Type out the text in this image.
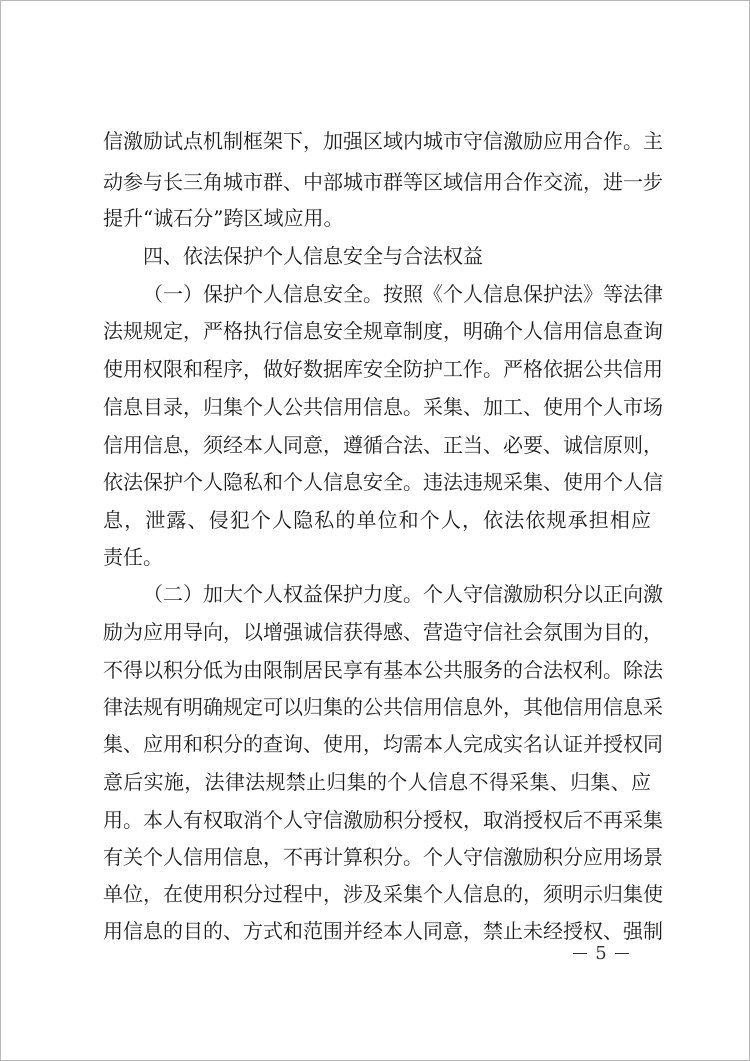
信激励试点机制框架下，加强区域内城市守信激励应用合作。主
动参与长三角城市群、中部城市群等区域信用合作交流，进一步
提升“诚石分”跨区域应用。
四、依法保护个人信息安全与合法权益
（一）保护个人信息安全。按照《个人信息保护法》等法律
法规规定，严格执行信息安全规章制度，明确个人信用信息查询
使用权限和程序，做好数据库安全防护工作。严格依据公共信用
信息目录，归集个人公共信用信息。采集、加工、使用个人市场
信用信息，须经本人同意，遵循合法、正当、必要、诚信原则，
依法保护个人隐私和个人信息安全。违法违规采集、使用个人信
息，泄露、侵犯个人隐私的单位和个人，依法依规承担相应
责任。
（二）加大个人权益保护力度。个人守信激励积分以正向激
励为应用导向，以增强诚信获得感、营造守信社会氛围为目的，
不得以积分低为由限制居民享有基本公共服务的合法权利。除法
律法规有明确规定可以归集的公共信用信息外，其他信用信息采
集、应用和积分的查询、使用，均需本人完成实名认证并授权同
意后实施，法律法规禁止归集的个人信息不得采集、归集、应
用。本人有权取消个人守信激励积分授权，取消授权后不再采集
有关个人信用信息，不再计算积分。个人守信激励积分应用场景
单位，在使用积分过程中，涉及采集个人信息的，须明示归集使
用信息的目的、方式和范围并经本人同意，禁止未经授权、强制
5
